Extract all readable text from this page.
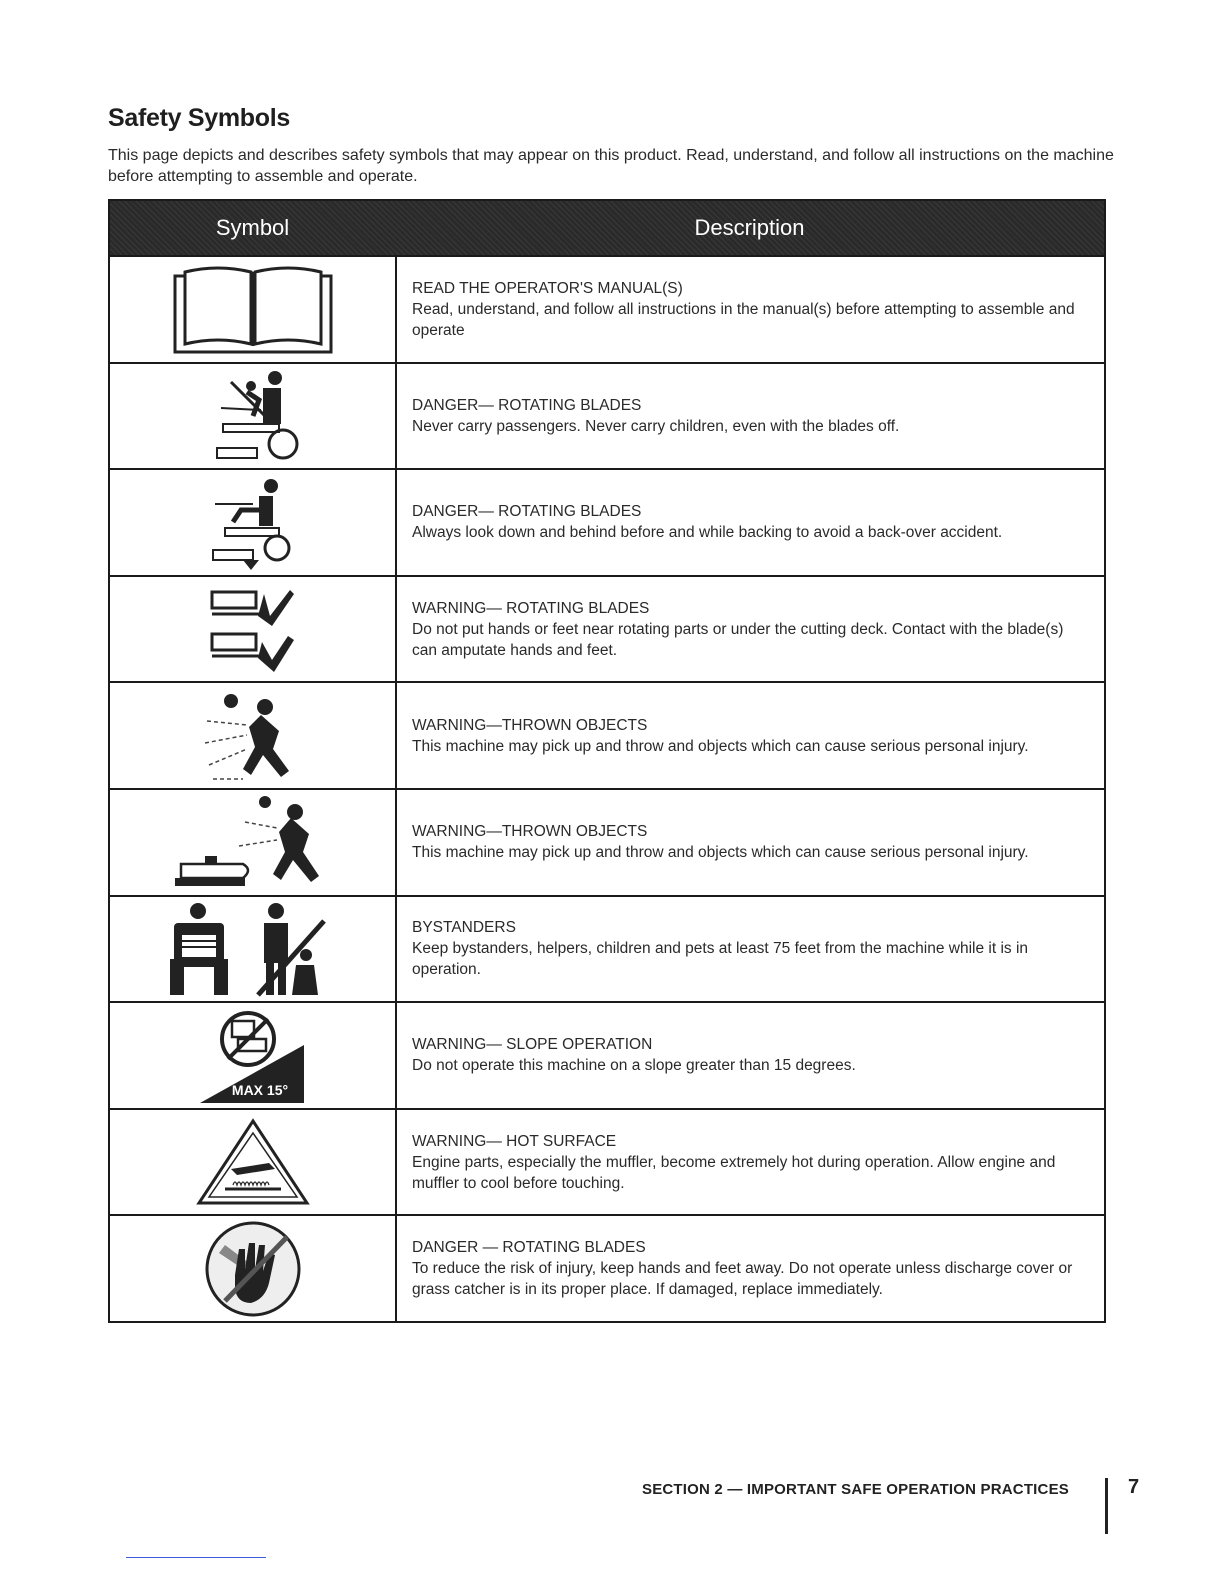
Safety Symbols

This page depicts and describes safety symbols that may appear on this product. Read, understand, and follow all instructions on the machine before attempting to assemble and operate.

Symbol	Description
READ THE OPERATOR'S MANUAL(S)
Read, understand, and follow all instructions in the manual(s) before attempting to assemble and operate
DANGER— ROTATING BLADES
Never carry passengers. Never carry children, even with the blades off.
DANGER— ROTATING BLADES
Always look down and behind before and while backing to avoid a back-over accident.
WARNING— ROTATING BLADES
Do not put hands or feet near rotating parts or under the cutting deck. Contact with the blade(s) can amputate hands and feet.
WARNING—THROWN OBJECTS
This machine may pick up and throw and objects which can cause serious personal injury.
WARNING—THROWN OBJECTS
This machine may pick up and throw and objects which can cause serious personal injury.
BYSTANDERS
Keep bystanders, helpers, children and pets at least 75 feet from the machine while it is in operation.
MAX 15°
WARNING— SLOPE OPERATION
Do not operate this machine on a slope greater than 15 degrees.
WARNING— HOT SURFACE
Engine parts, especially the muffler, become extremely hot during operation. Allow engine and muffler to cool before touching.
DANGER — ROTATING BLADES
To reduce the risk of injury, keep hands and feet away. Do not operate unless discharge cover or grass catcher is in its proper place. If damaged, replace immediately.
SECTION 2 — IMPORTANT SAFE OPERATION PRACTICES	7
